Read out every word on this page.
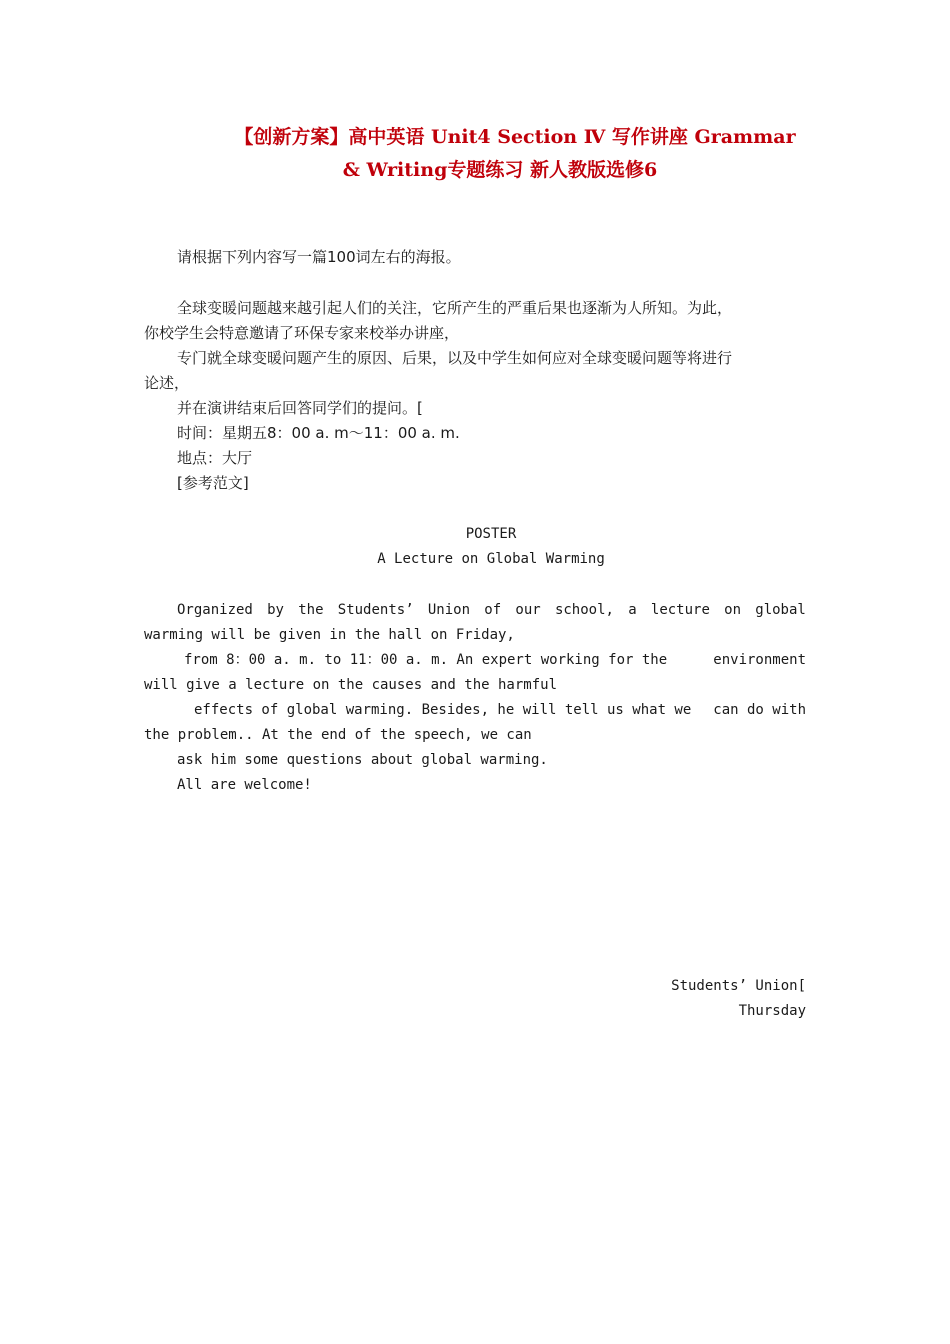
【创新方案】高中英语 Unit4 Section Ⅳ 写作讲座 Grammar
& Writing专题练习 新人教版选修6
请根据下列内容写一篇100词左右的海报。
全球变暖问题越来越引起人们的关注，它所产生的严重后果也逐渐为人所知。为此，
你校学生会特意邀请了环保专家来校举办讲座，
专门就全球变暖问题产生的原因、后果，以及中学生如何应对全球变暖问题等将进行
论述，
并在演讲结束后回答同学们的提问。[
时间：星期五8：00 a. m～11：00 a. m.
地点：大厅
[参考范文]
POSTER
A Lecture on Global Warming
Organized by the Students’ Union of our school, a lecture on global
warming will be given in the hall on Friday,
from 8：00 a. m. to 11：00 a. m. An expert working for the	environment
will give a lecture on the causes and the harmful
effects of global warming. Besides, he will tell us what we can do with
the problem.. At the end of the speech, we can
ask him some questions about global warming.
All are welcome!
Students’ Union[
Thursday
